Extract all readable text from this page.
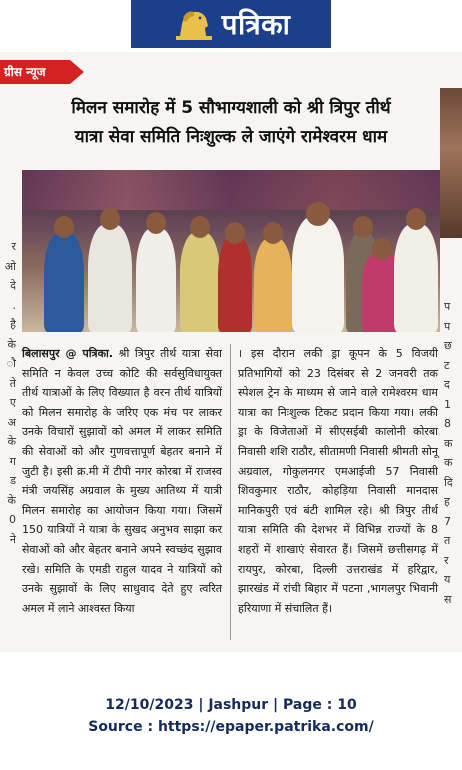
पत्रिका
र
ओ
दे
.
है
के
ौ
ते
ए
अ
के
ग
ड
के
0
ने
प
प
छ
ट
द
1
8
क
क
दि
ह
7
त
र
य
स
ग्रीस न्यूज
मिलन समारोह में 5 सौभाग्यशाली को श्री त्रिपुर तीर्थ
यात्रा सेवा समिति निःशुल्क ले जाएंगे रामेश्वरम धाम
बिलासपुर @ पत्रिका. श्री त्रिपुर तीर्थ यात्रा सेवा समिति न केवल उच्च कोटि की सर्वसुविधायुक्त तीर्थ यात्राओं के लिए विख्यात है वरन तीर्थ यात्रियों को मिलन समारोह के जरिए एक मंच पर लाकर उनके विचारों सुझावों को अमल में लाकर समिति की सेवाओं को और गुणवत्तापूर्ण बेहतर बनाने में जुटी है। इसी क्र.मी में टीपी नगर कोरबा में राजस्व मंत्री जयसिंह अग्रवाल के मुख्य आतिथ्य में यात्री मिलन समारोह का आयोजन किया गया। जिसमें 150 यात्रियों ने यात्रा के सुखद अनुभव साझा कर सेवाओं को और बेहतर बनाने अपने स्वच्छंद सुझाव रखे। समिति के एमडी राहुल यादव ने यात्रियों को उनके सुझावों के लिए साधुवाद देते हुए त्वरित अमल में लाने आश्वस्त किया
। इस दौरान लकी ड्रा कूपन के 5 विजयी प्रतिभागियों को 23 दिसंबर से 2 जनवरी तक स्पेशल ट्रेन के माध्यम से जाने वाले रामेश्वरम धाम यात्रा का निःशुल्क टिकट प्रदान किया गया। लकी ड्रा के विजेताओं में सीएसईबी कालोनी कोरबा निवासी शशि राठौर, सीतामणी निवासी श्रीमती सोनू अग्रवाल, गोकुलनगर एमआईजी 57 निवासी शिवकुमार राठौर, कोहड़िया निवासी मानदास मानिकपुरी एवं बंटी शामिल रहे। श्री त्रिपुर तीर्थ यात्रा समिति की देशभर में विभिन्न राज्यों के 8 शहरों में शाखाएं सेवारत हैं। जिसमें छत्तीसगढ़ में रायपुर, कोरबा, दिल्ली उत्तराखंड में हरिद्वार, झारखंड में रांची बिहार में पटना ,भागलपुर भिवानी हरियाणा में संचालित हैं।
12/10/2023 | Jashpur | Page : 10
Source : https://epaper.patrika.com/
